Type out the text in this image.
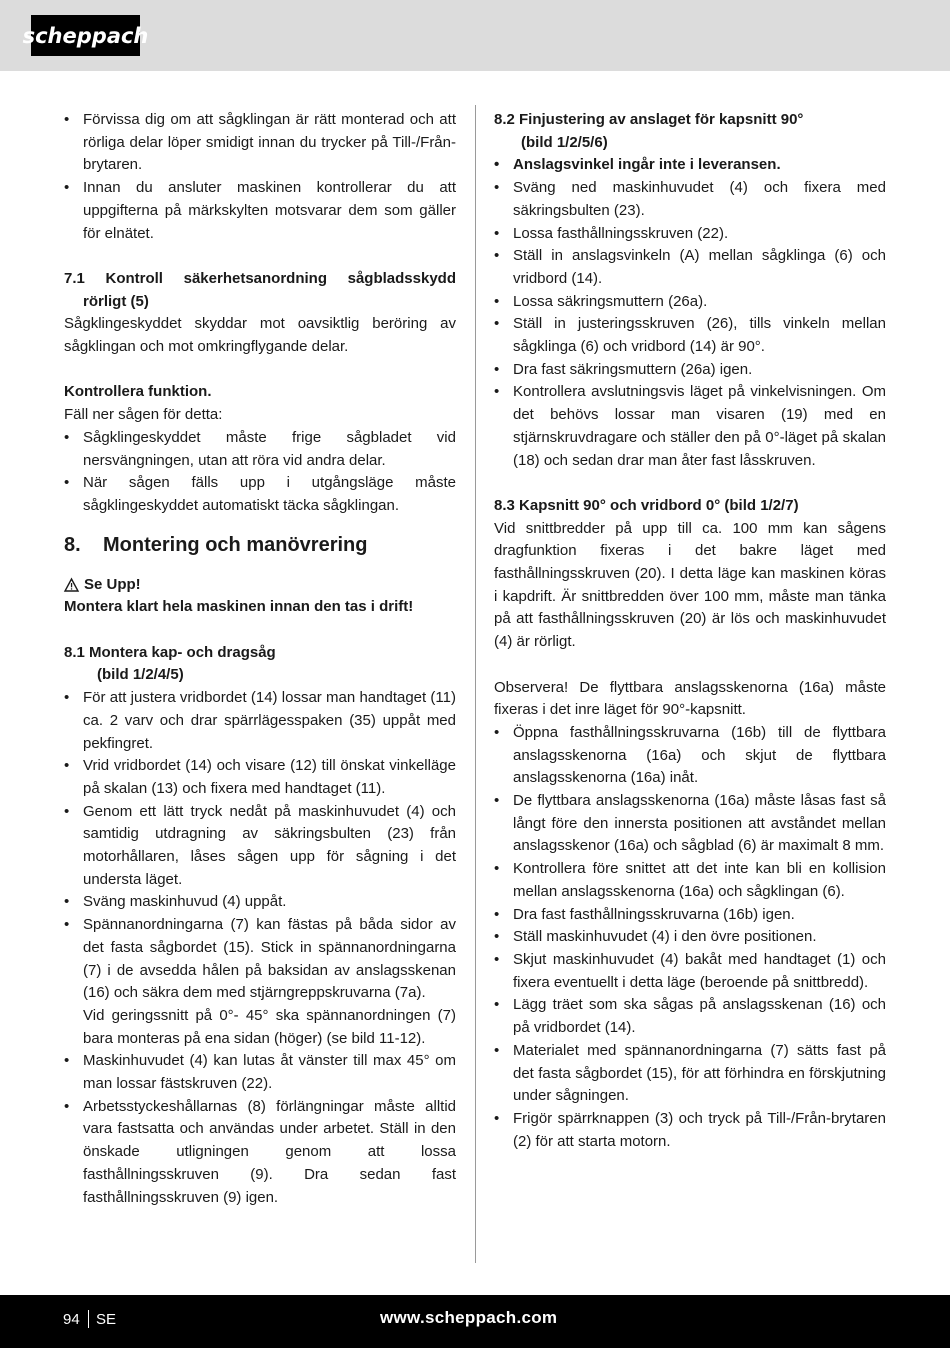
scheppach
• Förvissa dig om att sågklingan är rätt monterad och att rörliga delar löper smidigt innan du trycker på Till-/Från-brytaren.
• Innan du ansluter maskinen kontrollerar du att uppgifterna på märkskylten motsvarar dem som gäller för elnätet.

7.1 Kontroll säkerhetsanordning sågbladsskydd

rörligt (5)

Sågklingeskyddet skyddar mot oavsiktlig beröring av sågklingan och mot omkringflygande delar.

Kontrollera funktion.

Fäll ner sågen för detta:

• Sågklingeskyddet måste frige sågbladet vid nersvängningen, utan att röra vid andra delar.
• När sågen fälls upp i utgångsläge måste sågklingeskyddet automatiskt täcka sågklingan.
8. Montering och manövrering
Se Upp!

Montera klart hela maskinen innan den tas i drift!

8.1 Montera kap- och dragsåg

(bild 1/2/4/5)

• För att justera vridbordet (14) lossar man handtaget (11) ca. 2 varv och drar spärrlägesspaken (35) uppåt med pekfingret.
• Vrid vridbordet (14) och visare (12) till önskat vinkelläge på skalan (13) och fixera med handtaget (11).
• Genom ett lätt tryck nedåt på maskinhuvudet (4) och samtidig utdragning av säkringsbulten (23) från motorhållaren, låses sågen upp för sågning i det understa läget.
• Sväng maskinhuvud (4) uppåt.
• Spännanordningarna (7) kan fästas på båda sidor av det fasta sågbordet (15). Stick in spännanordningarna (7) i de avsedda hålen på baksidan av anslagsskenan (16) och säkra dem med stjärngreppskruvarna (7a).

Vid geringssnitt på 0°- 45° ska spännanordningen (7) bara monteras på ena sidan (höger) (se bild 11-12).

• Maskinhuvudet (4) kan lutas åt vänster till max 45° om man lossar fästskruven (22).
• Arbetsstyckeshållarnas (8) förlängningar måste alltid vara fastsatta och användas under arbetet. Ställ in den önskade utligningen genom att lossa fasthållningsskruven (9). Dra sedan fast fasthållningsskruven (9) igen.

8.2 Finjustering av anslaget för kapsnitt 90°

(bild 1/2/5/6)

• Anslagsvinkel ingår inte i leveransen.
• Sväng ned maskinhuvudet (4) och fixera med säkringsbulten (23).
• Lossa fasthållningsskruven (22).
• Ställ in anslagsvinkeln (A) mellan sågklinga (6) och vridbord (14).
• Lossa säkringsmuttern (26a).
• Ställ in justeringsskruven (26), tills vinkeln mellan sågklinga (6) och vridbord (14) är 90°.
• Dra fast säkringsmuttern (26a) igen.
• Kontrollera avslutningsvis läget på vinkelvisningen. Om det behövs lossar man visaren (19) med en stjärnskruvdragare och ställer den på 0°-läget på skalan (18) och sedan drar man åter fast låsskruven.

8.3 Kapsnitt 90° och vridbord 0° (bild 1/2/7)

Vid snittbredder på upp till ca. 100 mm kan sågens dragfunktion fixeras i det bakre läget med fasthållningsskruven (20). I detta läge kan maskinen köras i kapdrift. Är snittbredden över 100 mm, måste man tänka på att fasthållningsskruven (20) är lös och maskinhuvudet (4) är rörligt.

Observera! De flyttbara anslagsskenorna (16a) måste fixeras i det inre läget för 90°-kapsnitt.

• Öppna fasthållningsskruvarna (16b) till de flyttbara anslagsskenorna (16a) och skjut de flyttbara anslagsskenorna (16a) inåt.
• De flyttbara anslagsskenorna (16a) måste låsas fast så långt före den innersta positionen att avståndet mellan anslagsskenor (16a) och sågblad (6) är maximalt 8 mm.
• Kontrollera före snittet att det inte kan bli en kollision mellan anslagsskenorna (16a) och sågklingan (6).
• Dra fast fasthållningsskruvarna (16b) igen.
• Ställ maskinhuvudet (4) i den övre positionen.
• Skjut maskinhuvudet (4) bakåt med handtaget (1) och fixera eventuellt i detta läge (beroende på snittbredd).
• Lägg träet som ska sågas på anslagsskenan (16) och på vridbordet (14).
• Materialet med spännanordningarna (7) sätts fast på det fasta sågbordet (15), för att förhindra en förskjutning under sågningen.
• Frigör spärrknappen (3) och tryck på Till-/Från-brytaren (2) för att starta motorn.
94 SE	www.scheppach.com
